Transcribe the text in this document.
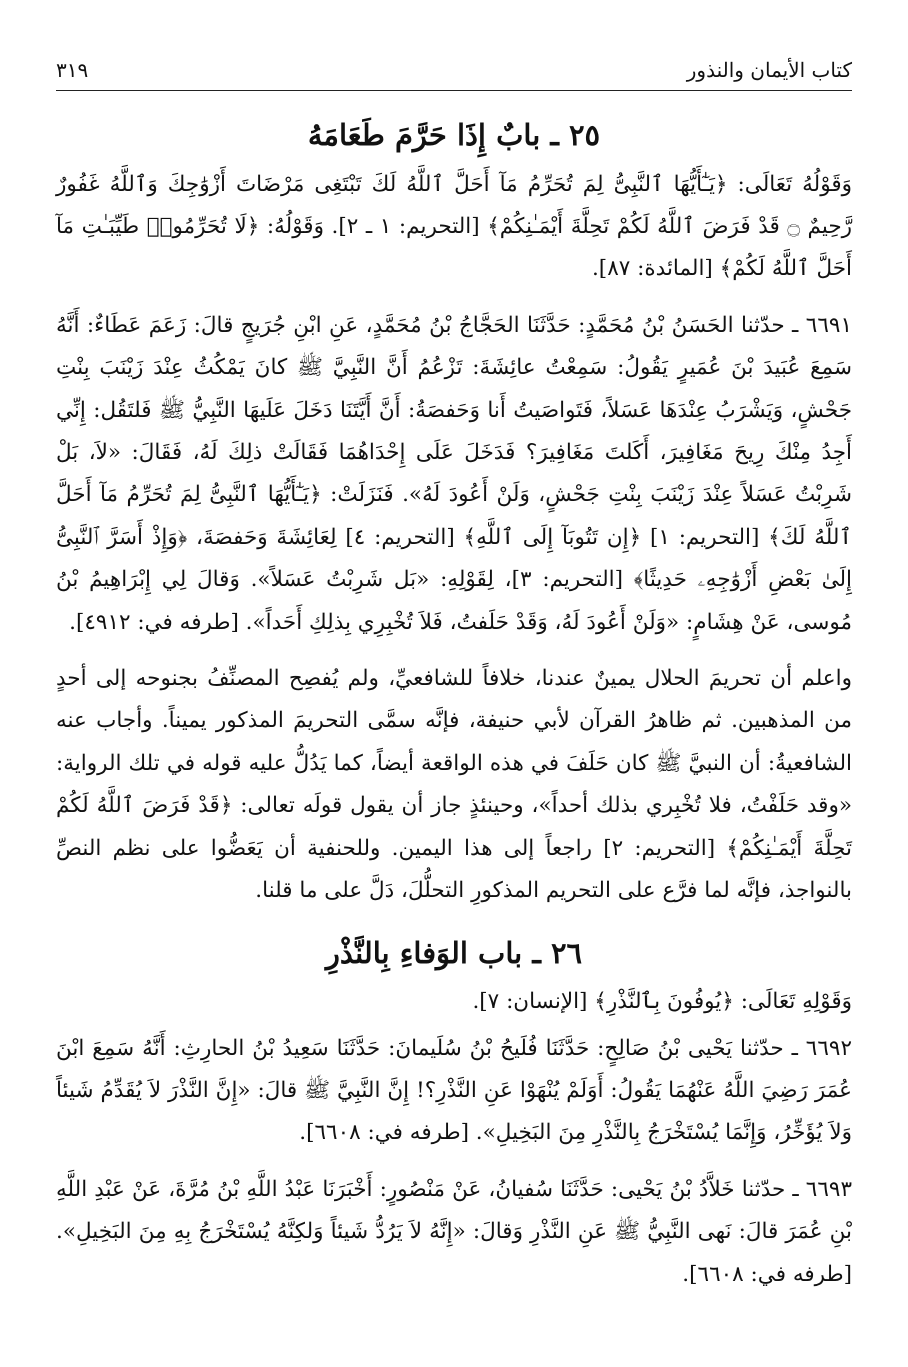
كتاب الأيمان والنذور
٣١٩
٢٥ ـ بابٌ إِذَا حَرَّمَ طَعَامَهُ

وَقَوْلُهُ تَعَالَى: ﴿يَـٰٓأَيُّهَا ٱلنَّبِىُّ لِمَ تُحَرِّمُ مَآ أَحَلَّ ٱللَّهُ لَكَ تَبْتَغِى مَرْضَاتَ أَزْوَٰجِكَ وَٱللَّهُ غَفُورٌ رَّحِيمٌ ۝ قَدْ فَرَضَ ٱللَّهُ لَكُمْ تَحِلَّةَ أَيْمَـٰنِكُمْ﴾ [التحريم: ١ ـ ٢]. وَقَوْلُهُ: ﴿لَا تُحَرِّمُوا۟ طَيِّبَـٰتِ مَآ أَحَلَّ ٱللَّهُ لَكُمْ﴾ [المائدة: ٨٧].

٦٦٩١ ـ حدّثنا الحَسَنُ بْنُ مُحَمَّدٍ: حَدَّثَنَا الحَجَّاجُ بْنُ مُحَمَّدٍ، عَنِ ابْنِ جُرَيجٍ قالَ: زَعَمَ عَطَاءٌ: أَنَّهُ سَمِعَ عُبَيدَ بْنَ عُمَيرٍ يَقُولُ: سَمِعْتُ عائِشَةَ: تَزْعُمُ أَنَّ النَّبِيَّ ﷺ كانَ يَمْكُثُ عِنْدَ زَيْنَبَ بِنْتِ جَحْشٍ، وَيَشْرَبُ عِنْدَهَا عَسَلاً، فَتَواصَيتُ أَنا وَحَفصَةُ: أَنَّ أَيَّتَنَا دَخَلَ عَلَيهَا النَّبِيُّ ﷺ فَلتَقُل: إِنِّي أَجِدُ مِنْكَ رِيحَ مَغَافِيرَ، أَكَلتَ مَغَافِيرَ؟ فَدَخَلَ عَلَى إِحْدَاهُمَا فَقَالَتْ ذلِكَ لَهُ، فَقَالَ: «لاَ، بَلْ شَرِبْتُ عَسَلاً عِنْدَ زَيْنَبَ بِنْتِ جَحْشٍ، وَلَنْ أَعُودَ لَهُ». فَنَزَلَتْ: ﴿يَـٰٓأَيُّهَا ٱلنَّبِىُّ لِمَ تُحَرِّمُ مَآ أَحَلَّ ٱللَّهُ لَكَ﴾ [التحريم: ١] ﴿إِن تَتُوبَآ إِلَى ٱللَّهِ﴾ [التحريم: ٤] لِعَائِشَةَ وَحَفصَةَ، ﴿وَإِذْ أَسَرَّ ٱلنَّبِىُّ إِلَىٰ بَعْضِ أَزْوَٰجِهِۦ حَدِيثًا﴾ [التحريم: ٣]، لِقَوْلِهِ: «بَل شَرِبْتُ عَسَلاً». وَقالَ لِي إِبْرَاهِيمُ بْنُ مُوسى، عَنْ هِشَامٍ: «وَلَنْ أَعُودَ لَهُ، وَقَدْ حَلَفتُ، فَلاَ تُخْبِرِي بِذلِكِ أَحَداً». [طرفه في: ٤٩١٢].

واعلم أن تحريمَ الحلال يمينٌ عندنا، خلافاً للشافعيِّ، ولم يُفصِح المصنِّفُ بجنوحه إلى أحدٍ من المذهبين. ثم ظاهرُ القرآن لأبي حنيفة، فإنَّه سمَّى التحريمَ المذكور يميناً. وأجاب عنه الشافعيةُ: أن النبيَّ ﷺ كان حَلَفَ في هذه الواقعة أيضاً، كما يَدُلُّ عليه قوله في تلك الرواية: «وقد حَلَفْتُ، فلا تُخْبِري بذلك أحداً»، وحينئذٍ جاز أن يقول قولَه تعالى: ﴿قَدْ فَرَضَ ٱللَّهُ لَكُمْ تَحِلَّةَ أَيْمَـٰنِكُمْ﴾ [التحريم: ٢] راجعاً إلى هذا اليمين. وللحنفية أن يَعَضُّوا على نظم النصِّ بالنواجذ، فإنَّه لما فرَّع على التحريم المذكورِ التحلُّلَ، دَلَّ على ما قلنا.

٢٦ ـ باب الوَفاءِ بِالنَّذْرِ

وَقَوْلِهِ تَعَالَى: ﴿يُوفُونَ بِٱلنَّذْرِ﴾ [الإنسان: ٧].

٦٦٩٢ ـ حدّثنا يَحْيى بْنُ صَالِحٍ: حَدَّثَنَا فُلَيحُ بْنُ سُلَيمانَ: حَدَّثَنَا سَعِيدُ بْنُ الحارِثِ: أَنَّهُ سَمِعَ ابْنَ عُمَرَ رَضِيَ اللَّهُ عَنْهُمَا يَقُولُ: أَوَلَمْ يُنْهَوْا عَنِ النَّذْرِ؟! إِنَّ النَّبِيَّ ﷺ قالَ: «إِنَّ النَّذْرَ لاَ يُقَدِّمُ شَيئاً وَلاَ يُؤَخِّرُ، وَإِنَّمَا يُسْتَخْرَجُ بِالنَّذْرِ مِنَ البَخِيلِ». [طرفه في: ٦٦٠٨].

٦٦٩٣ ـ حدّثنا خَلاَّدُ بْنُ يَحْيى: حَدَّثَنَا سُفيانُ، عَنْ مَنْصُورٍ: أَخْبَرَنَا عَبْدُ اللَّهِ بْنُ مُرَّةَ، عَنْ عَبْدِ اللَّهِ بْنِ عُمَرَ قالَ: نَهى النَّبِيُّ ﷺ عَنِ النَّذْرِ وَقالَ: «إِنَّهُ لاَ يَرُدُّ شَيئاً وَلكِنَّهُ يُسْتَخْرَجُ بِهِ مِنَ البَخِيلِ». [طرفه في: ٦٦٠٨].
